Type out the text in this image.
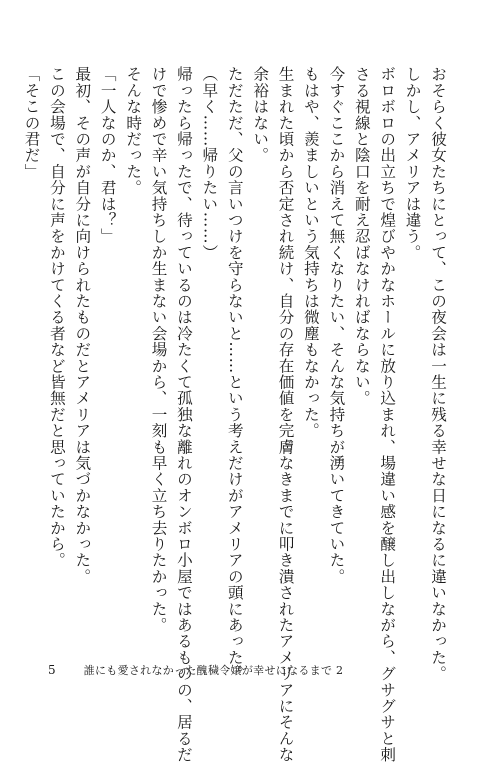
おそらく彼女たちにとって、この夜会は一生に残る幸せな日になるに違いなかった。
しかし、アメリアは違う。
ボロボロの出立ちで煌びやかなホールに放り込まれ、場違い感を醸し出しながら、グサグサと刺
さる視線と陰口を耐え忍ばなければならない。
今すぐここから消えて無くなりたい、そんな気持ちが湧いてきていた。
もはや、羨ましいという気持ちは微塵もなかった。
生まれた頃から否定され続け、自分の存在価値を完膚なきまでに叩き潰されたアメリアにそんな
余裕はない。
ただただ、父の言いつけを守らないと……という考えだけがアメリアの頭にあった。
（早く……帰りたい……）
帰ったら帰ったで、待っているのは冷たくて孤独な離れのオンボロ小屋ではあるものの、居るだ
けで惨めで辛い気持ちしか生まない会場から、一刻も早く立ち去りたかった。
そんな時だった。
「一人なのか、君は？」
最初、その声が自分に向けられたものだとアメリアは気づかなかった。
この会場で、自分に声をかけてくる者など皆無だと思っていたから。
「そこの君だ」
5	誰にも愛されなかった醜穢令嬢が幸せになるまで 2
